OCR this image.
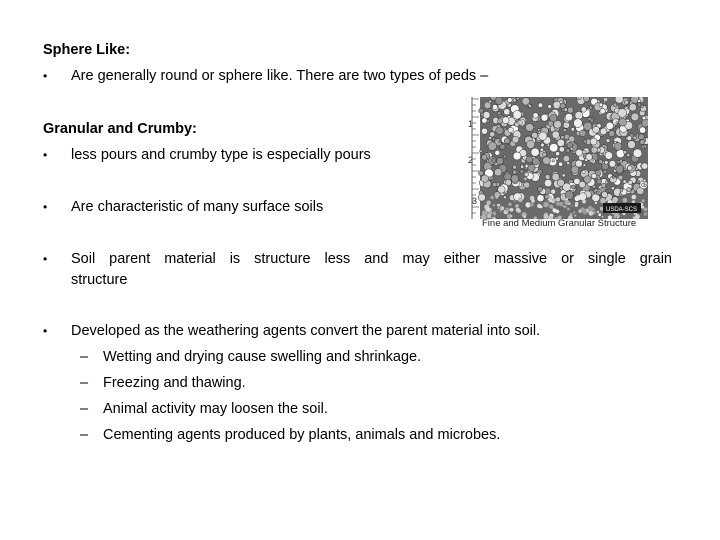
Sphere Like:
• Are generally round or sphere like. There are two types of peds –
1
2
3
USDA-SCS
Fine and Medium Granular Structure
Granular and Crumby:
• less pours and crumby type is especially pours
• Are characteristic of many surface soils
• Soil parent material is structure less and may either massive or single grain
structure
• Developed as the weathering agents convert the parent material into soil.
– Wetting and drying cause swelling and shrinkage.
– Freezing and thawing.
– Animal activity may loosen the soil.
– Cementing agents produced by plants, animals and microbes.
